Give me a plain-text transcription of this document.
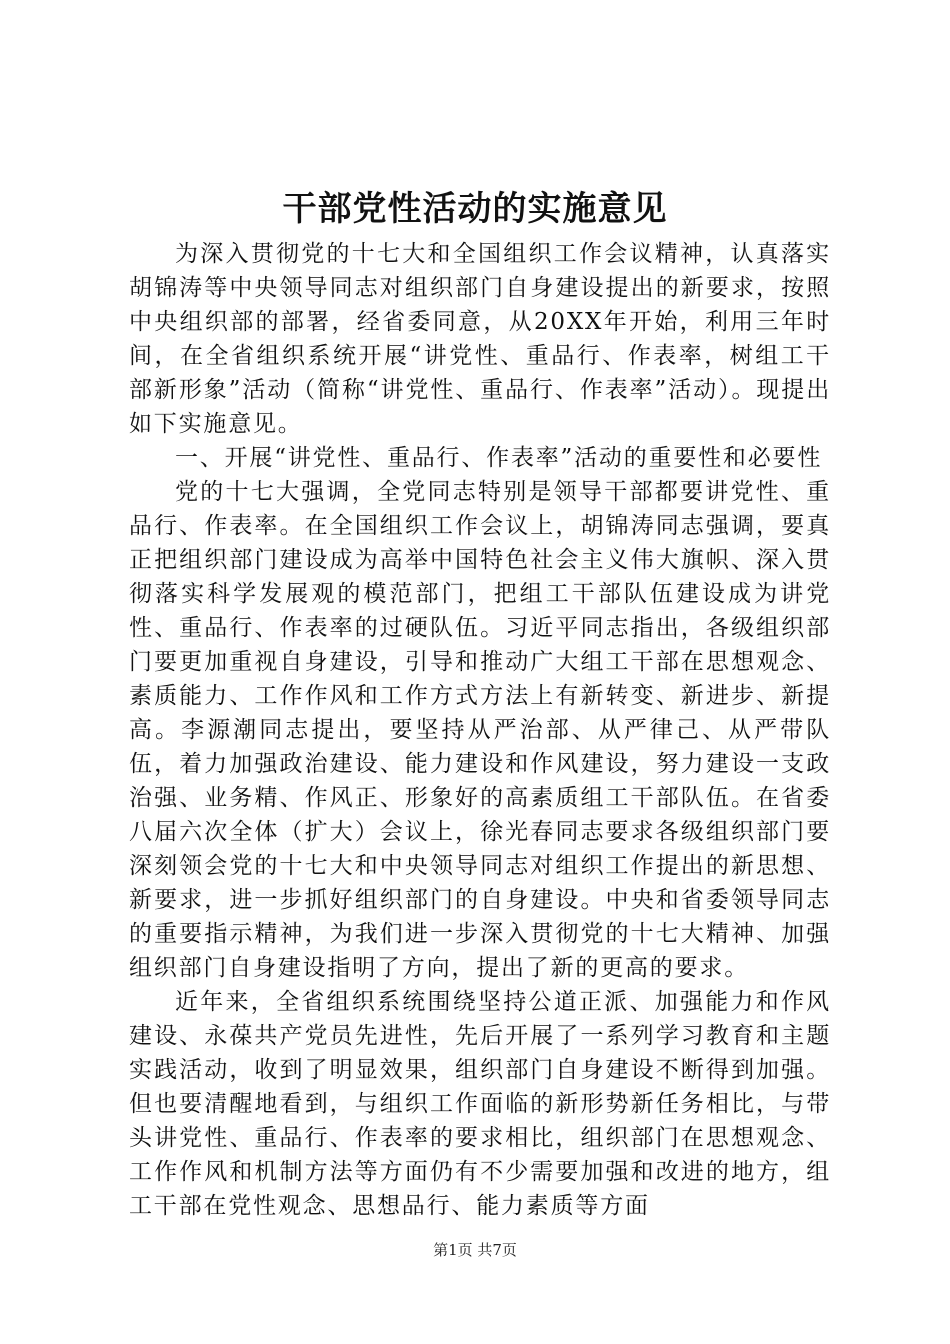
干部党性活动的实施意见

为深入贯彻党的十七大和全国组织工作会议精神，认真落实胡锦涛等中央领导同志对组织部门自身建设提出的新要求，按照中央组织部的部署，经省委同意，从20XX年开始，利用三年时间，在全省组织系统开展“讲党性、重品行、作表率，树组工干部新形象”活动（简称“讲党性、重品行、作表率”活动）。现提出如下实施意见。

一、开展“讲党性、重品行、作表率”活动的重要性和必要性

党的十七大强调，全党同志特别是领导干部都要讲党性、重品行、作表率。在全国组织工作会议上，胡锦涛同志强调，要真正把组织部门建设成为高举中国特色社会主义伟大旗帜、深入贯彻落实科学发展观的模范部门，把组工干部队伍建设成为讲党性、重品行、作表率的过硬队伍。习近平同志指出，各级组织部门要更加重视自身建设，引导和推动广大组工干部在思想观念、素质能力、工作作风和工作方式方法上有新转变、新进步、新提高。李源潮同志提出，要坚持从严治部、从严律己、从严带队伍，着力加强政治建设、能力建设和作风建设，努力建设一支政治强、业务精、作风正、形象好的高素质组工干部队伍。在省委八届六次全体（扩大）会议上，徐光春同志要求各级组织部门要深刻领会党的十七大和中央领导同志对组织工作提出的新思想、新要求，进一步抓好组织部门的自身建设。中央和省委领导同志的重要指示精神，为我们进一步深入贯彻党的十七大精神、加强组织部门自身建设指明了方向，提出了新的更高的要求。

近年来，全省组织系统围绕坚持公道正派、加强能力和作风建设、永葆共产党员先进性，先后开展了一系列学习教育和主题实践活动，收到了明显效果，组织部门自身建设不断得到加强。但也要清醒地看到，与组织工作面临的新形势新任务相比，与带头讲党性、重品行、作表率的要求相比，组织部门在思想观念、工作作风和机制方法等方面仍有不少需要加强和改进的地方，组工干部在党性观念、思想品行、能力素质等方面

第1页 共7页
